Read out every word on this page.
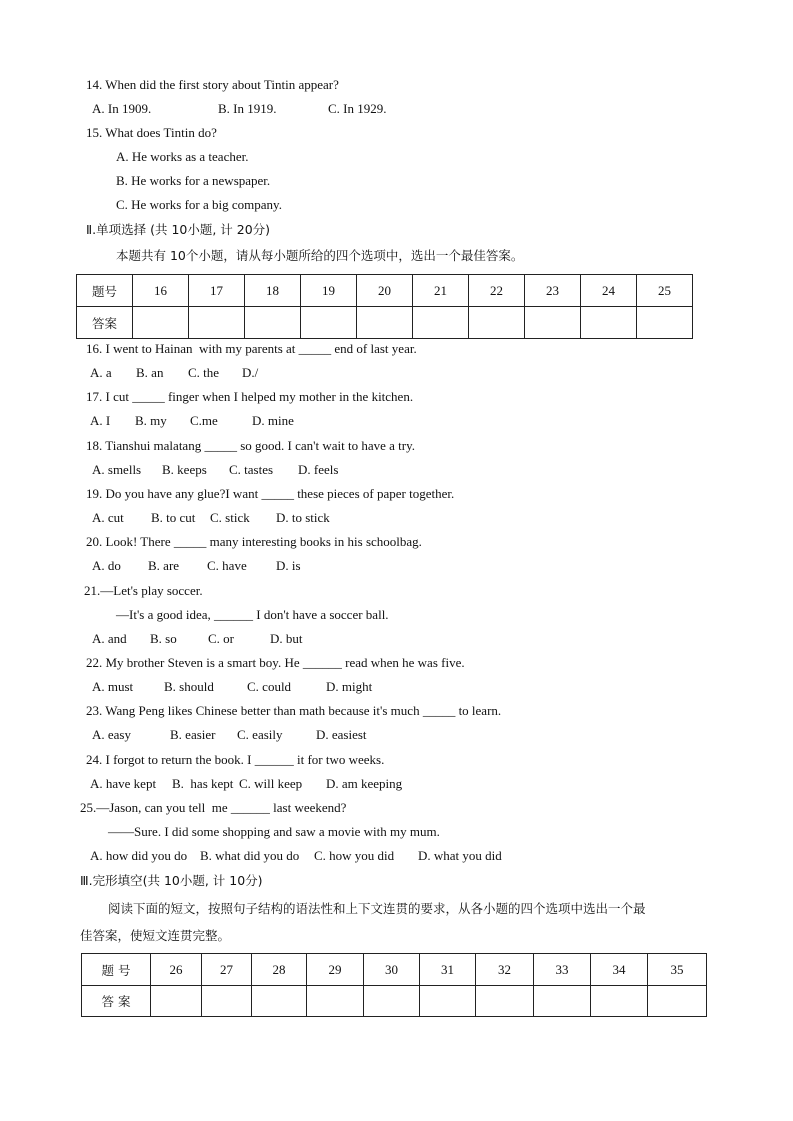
14. When did the first story about Tintin appear?
A. In 1909.	B. In 1919.	C. In 1929.
15. What does Tintin do?
A. He works as a teacher.
B. He works for a newspaper.
C. He works for a big company.
Ⅱ.单项选择 (共 10小题, 计 20分)
本题共有 10个小题，请从每小题所给的四个选项中，选出一个最佳答案。
题号	16	17	18	19	20	21	22	23	24	25
答案										
16. I went to Hainan  with my parents at _____ end of last year.
A. a B. an C. the D./
17. I cut _____ finger when I helped my mother in the kitchen.
A. I B. my C.me	D. mine
18. Tianshui malatang _____ so good. I can't wait to have a try.
A. smells B. keeps C. tastes D. feels
19. Do you have any glue?I want _____ these pieces of paper together.
A. cut B. to cut C. stick D. to stick
20. Look! There _____ many interesting books in his schoolbag.
A. do B. are C. have D. is
21.—Let's play soccer.
—It's a good idea, ______ I don't have a soccer ball.
A. and B. so C. or	D. but
22. My brother Steven is a smart boy. He ______ read when he was five.
A. must B. should	C. could	D. might
23. Wang Peng likes Chinese better than math because it's much _____ to learn.
A. easy	B. easier C. easily	D. easiest
24. I forgot to return the book. I ______ it for two weeks.
A. have kept B.  has kept C. will keep D. am keeping
25.—Jason, can you tell  me ______ last weekend?
——Sure. I did some shopping and saw a movie with my mum.
A. how did you do B. what did you do C. how you did D. what you did
Ⅲ.完形填空(共 10小题, 计 10分)
阅读下面的短文，按照句子结构的语法性和上下文连贯的要求，从各小题的四个选项中选出一个最
佳答案，使短文连贯完整。
题 号	26	27	28	29	30	31	32	33	34	35
答 案										
